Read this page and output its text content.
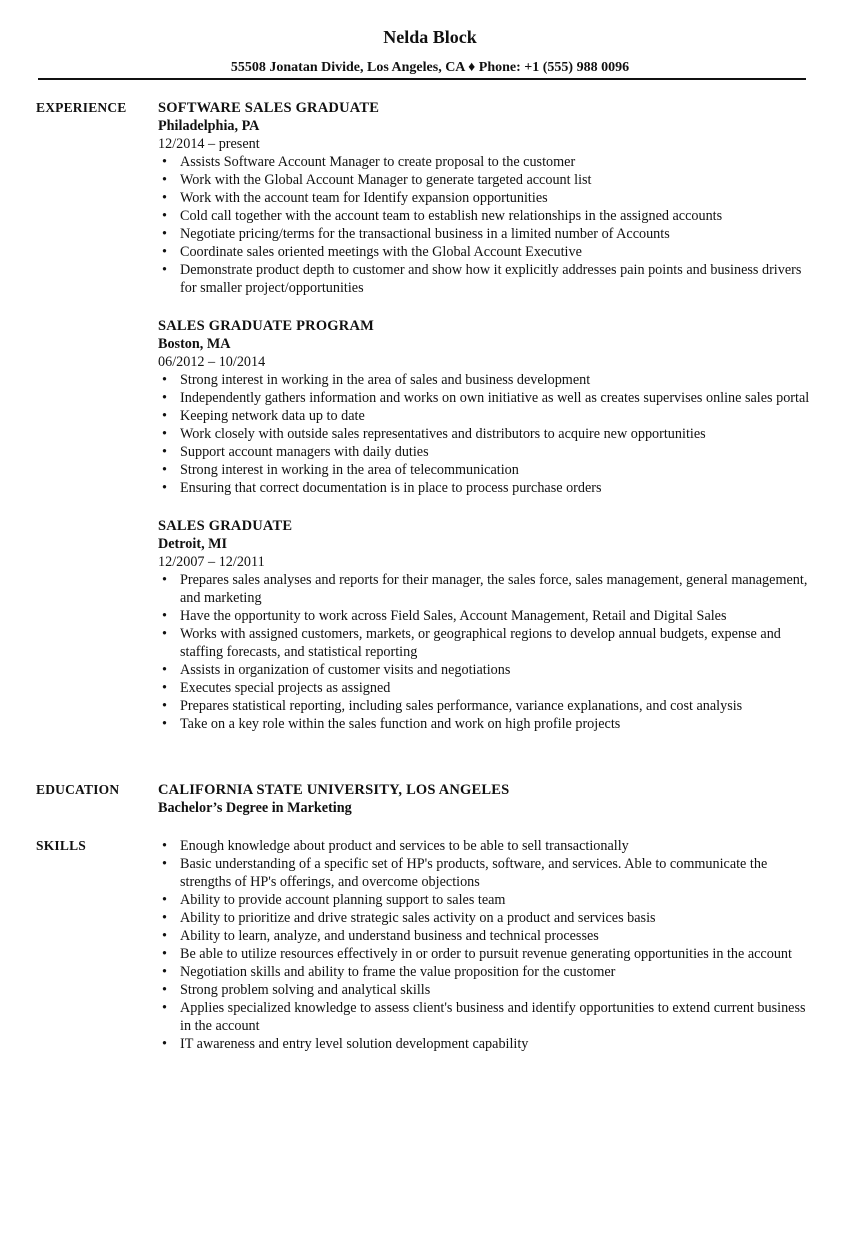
Nelda Block
55508 Jonatan Divide, Los Angeles, CA ♦ Phone: +1 (555) 988 0096
EXPERIENCE SOFTWARE SALES GRADUATE
Philadelphia, PA
12/2014 – present
• Assists Software Account Manager to create proposal to the customer
• Work with the Global Account Manager to generate targeted account list
• Work with the account team for Identify expansion opportunities
• Cold call together with the account team to establish new relationships in the assigned accounts
• Negotiate pricing/terms for the transactional business in a limited number of Accounts
• Coordinate sales oriented meetings with the Global Account Executive
• Demonstrate product depth to customer and show how it explicitly addresses pain points and business drivers for smaller project/opportunities
SALES GRADUATE PROGRAM
Boston, MA
06/2012 – 10/2014
• Strong interest in working in the area of sales and business development
• Independently gathers information and works on own initiative as well as creates supervises online sales portal
• Keeping network data up to date
• Work closely with outside sales representatives and distributors to acquire new opportunities
• Support account managers with daily duties
• Strong interest in working in the area of telecommunication
• Ensuring that correct documentation is in place to process purchase orders
SALES GRADUATE
Detroit, MI
12/2007 – 12/2011
• Prepares sales analyses and reports for their manager, the sales force, sales management, general management, and marketing
• Have the opportunity to work across Field Sales, Account Management, Retail and Digital Sales
• Works with assigned customers, markets, or geographical regions to develop annual budgets, expense and staffing forecasts, and statistical reporting
• Assists in organization of customer visits and negotiations
• Executes special projects as assigned
• Prepares statistical reporting, including sales performance, variance explanations, and cost analysis
• Take on a key role within the sales function and work on high profile projects
EDUCATION	CALIFORNIA STATE UNIVERSITY, LOS ANGELES
Bachelor’s Degree in Marketing
SKILLS
•	Enough knowledge about product and services to be able to sell transactionally
• Basic understanding of a specific set of HP's products, software, and services. Able to communicate the strengths of HP's offerings, and overcome objections
• Ability to provide account planning support to sales team
• Ability to prioritize and drive strategic sales activity on a product and services basis
• Ability to learn, analyze, and understand business and technical processes
• Be able to utilize resources effectively in or order to pursuit revenue generating opportunities in the account
• Negotiation skills and ability to frame the value proposition for the customer
• Strong problem solving and analytical skills
• Applies specialized knowledge to assess client's business and identify opportunities to extend current business in the account
• IT awareness and entry level solution development capability
